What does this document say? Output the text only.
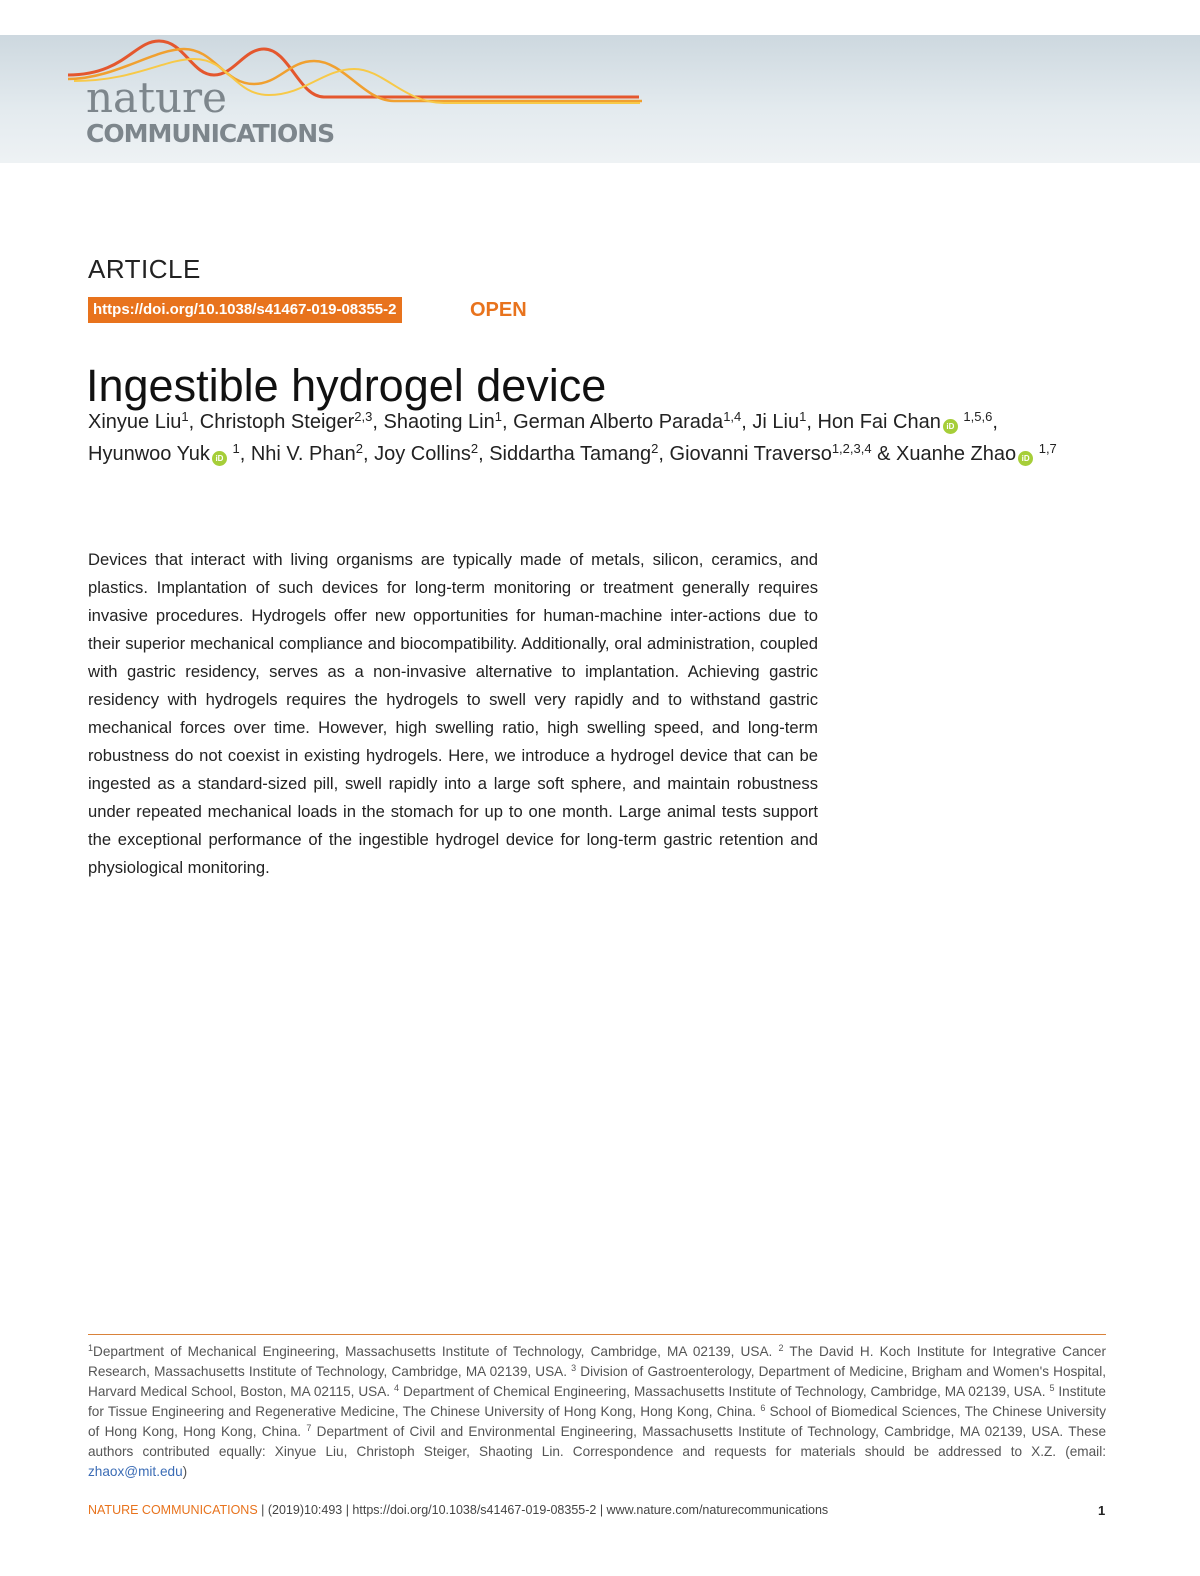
nature
COMMUNICATIONS
ARTICLE
https://doi.org/10.1038/s41467-019-08355-2	OPEN
Ingestible hydrogel device
Xinyue Liu$^1$, Christoph Steiger$^{2,3}$, Shaoting Lin$^1$, German Alberto Parada$^{1,4}$, Ji Liu$^1$, Hon Fai Chan iD $^{1,5,6}$,
Hyunwoo Yuk iD $^1$, Nhi V. Phan$^2$, Joy Collins$^2$, Siddartha Tamang$^2$, Giovanni Traverso$^{1,2,3,4}$ & Xuanhe Zhao iD $^{1,7}$

Devices that interact with living organisms are typically made of metals, silicon, ceramics, and plastics. Implantation of such devices for long-term monitoring or treatment generally requires invasive procedures. Hydrogels offer new opportunities for human-machine inter-actions due to their superior mechanical compliance and biocompatibility. Additionally, oral administration, coupled with gastric residency, serves as a non-invasive alternative to implantation. Achieving gastric residency with hydrogels requires the hydrogels to swell very rapidly and to withstand gastric mechanical forces over time. However, high swelling ratio, high swelling speed, and long-term robustness do not coexist in existing hydrogels. Here, we introduce a hydrogel device that can be ingested as a standard-sized pill, swell rapidly into a large soft sphere, and maintain robustness under repeated mechanical loads in the stomach for up to one month. Large animal tests support the exceptional performance of the ingestible hydrogel device for long-term gastric retention and physiological monitoring.

$^1$Department of Mechanical Engineering, Massachusetts Institute of Technology, Cambridge, MA 02139, USA. $^2$ The David H. Koch Institute for Integrative Cancer Research, Massachusetts Institute of Technology, Cambridge, MA 02139, USA. $^3$ Division of Gastroenterology, Department of Medicine, Brigham and Women's Hospital, Harvard Medical School, Boston, MA 02115, USA. $^4$ Department of Chemical Engineering, Massachusetts Institute of Technology, Cambridge, MA 02139, USA. $^5$ Institute for Tissue Engineering and Regenerative Medicine, The Chinese University of Hong Kong, Hong Kong, China. $^6$ School of Biomedical Sciences, The Chinese University of Hong Kong, Hong Kong, China. $^7$ Department of Civil and Environmental Engineering, Massachusetts Institute of Technology, Cambridge, MA 02139, USA. These authors contributed equally: Xinyue Liu, Christoph Steiger, Shaoting Lin. Correspondence and requests for materials should be addressed to X.Z. (email: zhaox@mit.edu)

NATURE COMMUNICATIONS | (2019)10:493 | https://doi.org/10.1038/s41467-019-08355-2 | www.nature.com/naturecommunications	1
